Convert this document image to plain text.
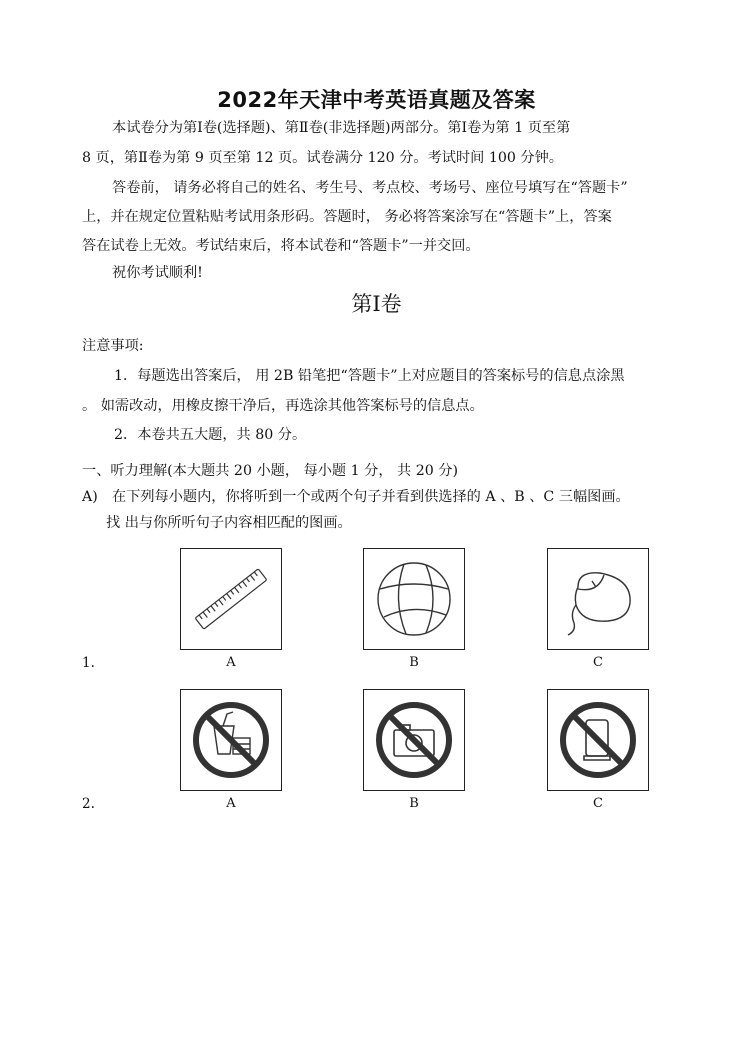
2022年天津中考英语真题及答案
本试卷分为第Ⅰ卷(选择题)、第Ⅱ卷(非选择题)两部分。第Ⅰ卷为第 1 页至第
8 页，第Ⅱ卷为第 9 页至第 12 页。试卷满分 120 分。考试时间 100 分钟。
答卷前， 请务必将自己的姓名、考生号、考点校、考场号、座位号填写在“答题卡”
上，并在规定位置粘贴考试用条形码。答题时， 务必将答案涂写在“答题卡”上，答案
答在试卷上无效。考试结束后，将本试卷和“答题卡”一并交回。
祝你考试顺利!
第Ⅰ卷
注意事项:
1．每题选出答案后， 用 2B 铅笔把“答题卡”上对应题目的答案标号的信息点涂黑
。 如需改动，用橡皮擦干净后，再选涂其他答案标号的信息点。
2．本卷共五大题，共 80 分。
一、听力理解(本大题共 20 小题， 每小题 1 分， 共 20 分)
A)　在下列每小题内，你将听到一个或两个句子并看到供选择的 A 、B 、C 三幅图画。
找 出与你所听句子内容相匹配的图画。
1.	A	B	C
2.	A	B	C
